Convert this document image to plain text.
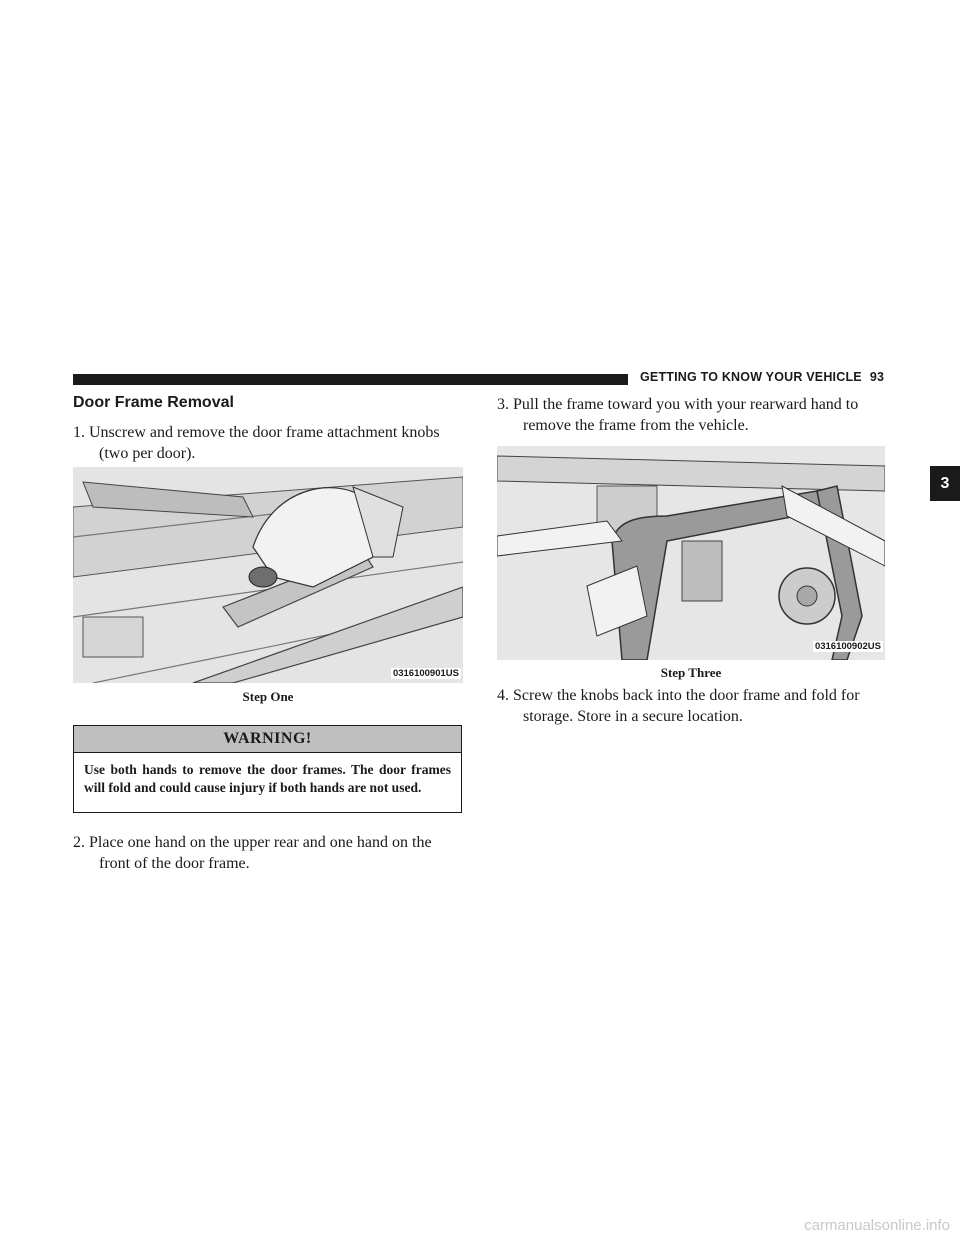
GETTING TO KNOW YOUR VEHICLE 93
3
Door Frame Removal
1. Unscrew and remove the door frame attachment knobs
(two per door).
0316100901US
Step One
WARNING!
Use both hands to remove the door frames. The door frames will fold and could cause injury if both hands are not used.
2. Place one hand on the upper rear and one hand on the
front of the door frame.
3. Pull the frame toward you with your rearward hand to
remove the frame from the vehicle.
0316100902US
Step Three
4. Screw the knobs back into the door frame and fold for
storage. Store in a secure location.
carmanualsonline.info
